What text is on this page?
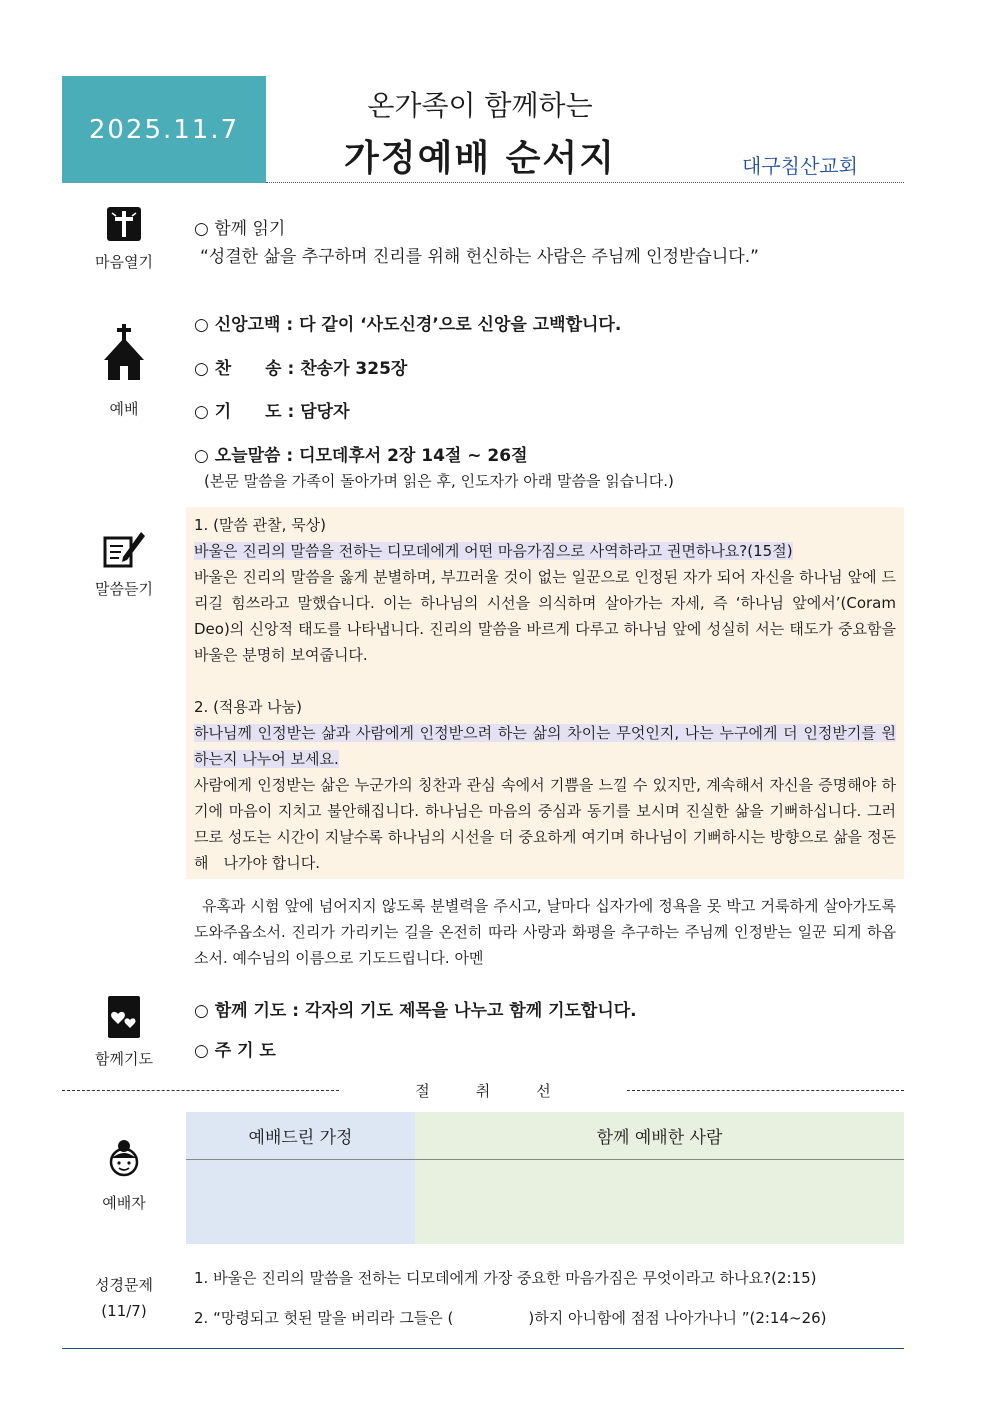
2025.11.7
온가족이 함께하는
가정예배 순서지	대구침산교회
마음열기
○ 함께 읽기
“성결한 삶을 추구하며 진리를 위해 헌신하는 사람은 주님께 인정받습니다.”
예배
○ 신앙고백 : 다 같이 ‘사도신경’으로 신앙을 고백합니다.
○ 찬　　송 : 찬송가 325장
○ 기　　도 : 담당자
○ 오늘말씀 : 디모데후서 2장 14절 ~ 26절
(본문 말씀을 가족이 돌아가며 읽은 후, 인도자가 아래 말씀을 읽습니다.)
말씀듣기

1. (말씀 관찰, 묵상)

바울은 진리의 말씀을 전하는 디모데에게 어떤 마음가짐으로 사역하라고 권면하나요?(15절)

바울은 진리의 말씀을 옳게 분별하며, 부끄러울 것이 없는 일꾼으로 인정된 자가 되어 자신을 하나님 앞에 드리길 힘쓰라고 말했습니다. 이는 하나님의 시선을 의식하며 살아가는 자세, 즉 ‘하나님 앞에서’(Coram Deo)의 신앙적 태도를 나타냅니다. 진리의 말씀을 바르게 다루고 하나님 앞에 성실히 서는 태도가 중요함을 바울은 분명히 보여줍니다.

2. (적용과 나눔)

하나님께 인정받는 삶과 사람에게 인정받으려 하는 삶의 차이는 무엇인지, 나는 누구에게 더 인정받기를 원하는지 나누어 보세요.

사람에게 인정받는 삶은 누군가의 칭찬과 관심 속에서 기쁨을 느낄 수 있지만, 계속해서 자신을 증명해야 하기에 마음이 지치고 불안해집니다. 하나님은 마음의 중심과 동기를 보시며 진실한 삶을 기뻐하십니다. 그러므로 성도는 시간이 지날수록 하나님의 시선을 더 중요하게 여기며 하나님이 기뻐하시는 방향으로 삶을 정돈해　나가야 합니다.

유혹과 시험 앞에 넘어지지 않도록 분별력을 주시고, 날마다 십자가에 정욕을 못 박고 거룩하게 살아가도록 도와주옵소서. 진리가 가리키는 길을 온전히 따라 사랑과 화평을 추구하는 주님께 인정받는 일꾼 되게 하옵소서. 예수님의 이름으로 기도드립니다. 아멘
함께기도
○ 함께 기도 : 각자의 기도 제목을 나누고 함께 기도합니다.
○ 주 기 도
절취선
예배자
예배드린 가정	함께 예배한 사람
성경문제
(11/7)
1. 바울은 진리의 말씀을 전하는 디모데에게 가장 중요한 마음가짐은 무엇이라고 하나요?(2:15)
2. “망령되고 헛된 말을 버리라 그들은 (　　　　　)하지 아니함에 점점 나아가나니 ”(2:14~26)
